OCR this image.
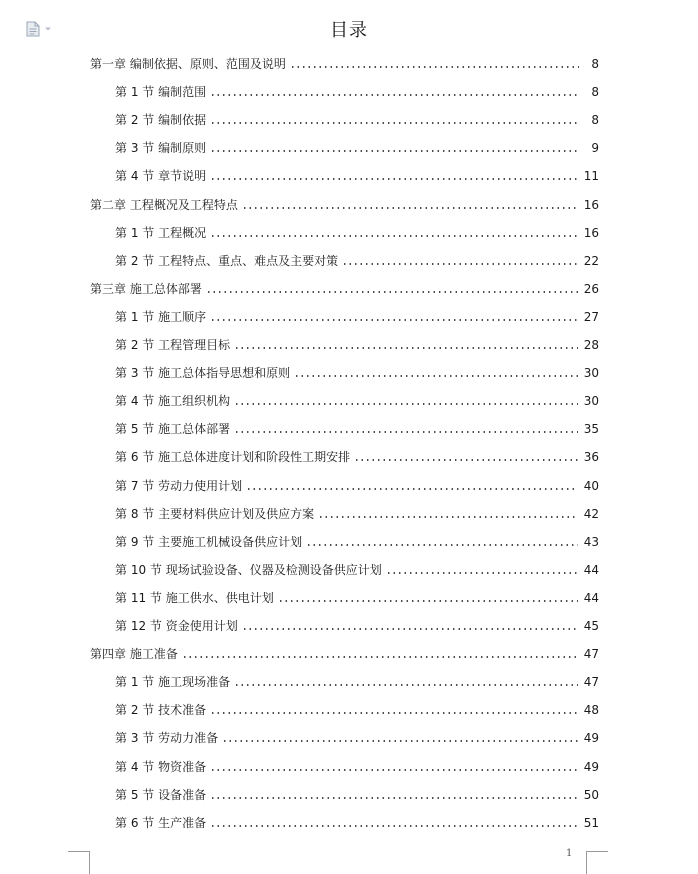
目录
第一章 编制依据、原则、范围及说明	8
第 1 节 编制范围	8
第 2 节 编制依据	8
第 3 节 编制原则	9
第 4 节 章节说明	11
第二章 工程概况及工程特点	16
第 1 节 工程概况	16
第 2 节 工程特点、重点、难点及主要对策	22
第三章 施工总体部署	26
第 1 节 施工顺序	27
第 2 节 工程管理目标	28
第 3 节 施工总体指导思想和原则	30
第 4 节 施工组织机构	30
第 5 节 施工总体部署	35
第 6 节 施工总体进度计划和阶段性工期安排	36
第 7 节 劳动力使用计划	40
第 8 节 主要材料供应计划及供应方案	42
第 9 节 主要施工机械设备供应计划	43
第 10 节 现场试验设备、仪器及检测设备供应计划	44
第 11 节 施工供水、供电计划	44
第 12 节 资金使用计划	45
第四章 施工准备	47
第 1 节 施工现场准备	47
第 2 节 技术准备	48
第 3 节 劳动力准备	49
第 4 节 物资准备	49
第 5 节 设备准备	50
第 6 节 生产准备	51
1
